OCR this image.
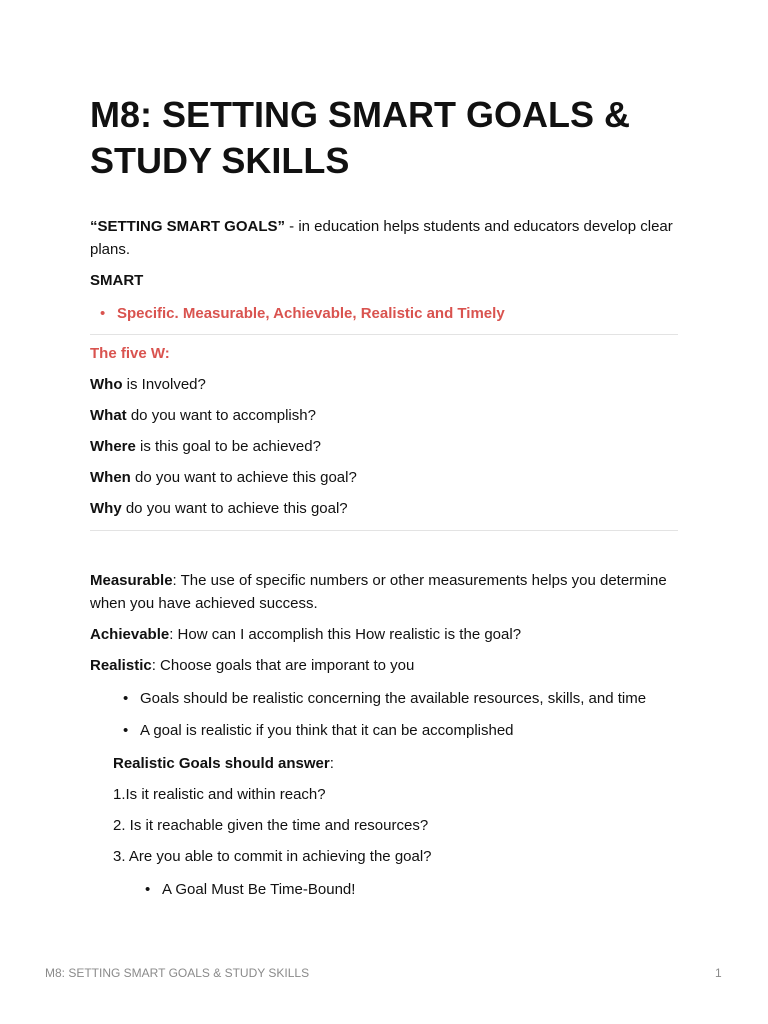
M8: SETTING SMART GOALS &
STUDY SKILLS

“SETTING SMART GOALS” - in education helps students and educators develop clear plans.

SMART

• Specific. Measurable, Achievable, Realistic and Timely

The five W:

Who is Involved?

What do you want to accomplish?

Where is this goal to be achieved?

When do you want to achieve this goal?

Why do you want to achieve this goal?

Measurable: The use of specific numbers or other measurements helps you determine when you have achieved success.

Achievable: How can I accomplish this How realistic is the goal?

Realistic: Choose goals that are imporant to you

• Goals should be realistic concerning the available resources, skills, and time
• A goal is realistic if you think that it can be accomplished

Realistic Goals should answer:

1.Is it realistic and within reach?

2. Is it reachable given the time and resources?

3. Are you able to commit in achieving the goal?

• A Goal Must Be Time-Bound!
M8: SETTING SMART GOALS & STUDY SKILLS	1
